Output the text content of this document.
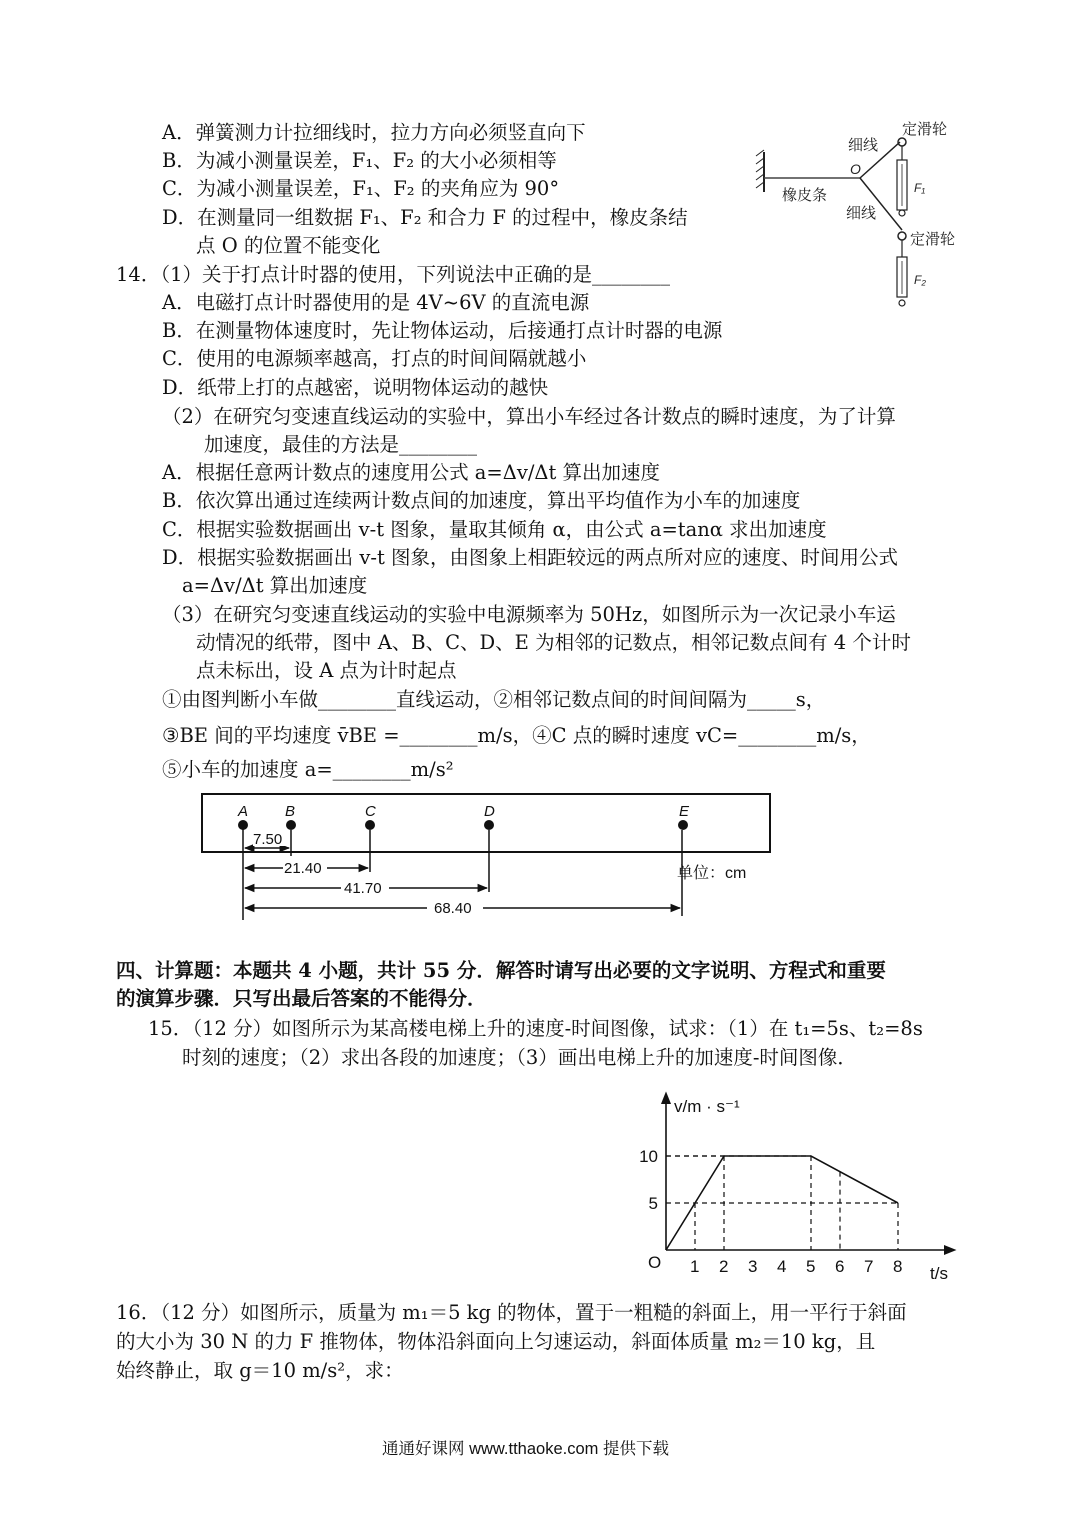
A．弹簧测力计拉细线时，拉力方向必须竖直向下
B．为减小测量误差，F₁、F₂ 的大小必须相等
C．为减小测量误差，F₁、F₂ 的夹角应为 90°
D．在测量同一组数据 F₁、F₂ 和合力 F 的过程中，橡皮条结
点 O 的位置不能变化
细线
定滑轮
O
橡皮条
细线
定滑轮
F₁
F₂
14．（1）关于打点计时器的使用，下列说法中正确的是________
A．电磁打点计时器使用的是 4V~6V 的直流电源
B．在测量物体速度时，先让物体运动，后接通打点计时器的电源
C．使用的电源频率越高，打点的时间间隔就越小
D．纸带上打的点越密，说明物体运动的越快
（2）在研究匀变速直线运动的实验中，算出小车经过各计数点的瞬时速度，为了计算
加速度，最佳的方法是________
A．根据任意两计数点的速度用公式 a=Δv/Δt 算出加速度
B．依次算出通过连续两计数点间的加速度，算出平均值作为小车的加速度
C．根据实验数据画出 v-t 图象，量取其倾角 α，由公式 a=tanα 求出加速度
D．根据实验数据画出 v-t 图象，由图象上相距较远的两点所对应的速度、时间用公式
a=Δv/Δt 算出加速度
（3）在研究匀变速直线运动的实验中电源频率为 50Hz，如图所示为一次记录小车运
动情况的纸带，图中 A、B、C、D、E 为相邻的记数点，相邻记数点间有 4 个计时
点未标出，设 A 点为计时起点
①由图判断小车做________直线运动，②相邻记数点间的时间间隔为_____s，
③BE 间的平均速度 v̄BE =________m/s，④C 点的瞬时速度 vC=________m/s，
⑤小车的加速度 a=________m/s²
A B	C	D	E
7.50
21.40
41.70
68.40
单位：cm
四、计算题：本题共 4 小题，共计 55 分．解答时请写出必要的文字说明、方程式和重要
的演算步骤．只写出最后答案的不能得分．
15．（12 分）如图所示为某高楼电梯上升的速度-时间图像，试求：（1）在 t₁=5s、t₂=8s
时刻的速度；（2）求出各段的加速度；（3）画出电梯上升的加速度-时间图像．
v/m · s⁻¹
t/s
O 1 2 3 4 5 6 7 8
5
10
16．（12 分）如图所示，质量为 m₁＝5 kg 的物体，置于一粗糙的斜面上，用一平行于斜面
的大小为 30 N 的力 F 推物体，物体沿斜面向上匀速运动，斜面体质量 m₂＝10 kg，且
始终静止，取 g＝10 m/s²，求：
通通好课网 www.tthaoke.com 提供下载
